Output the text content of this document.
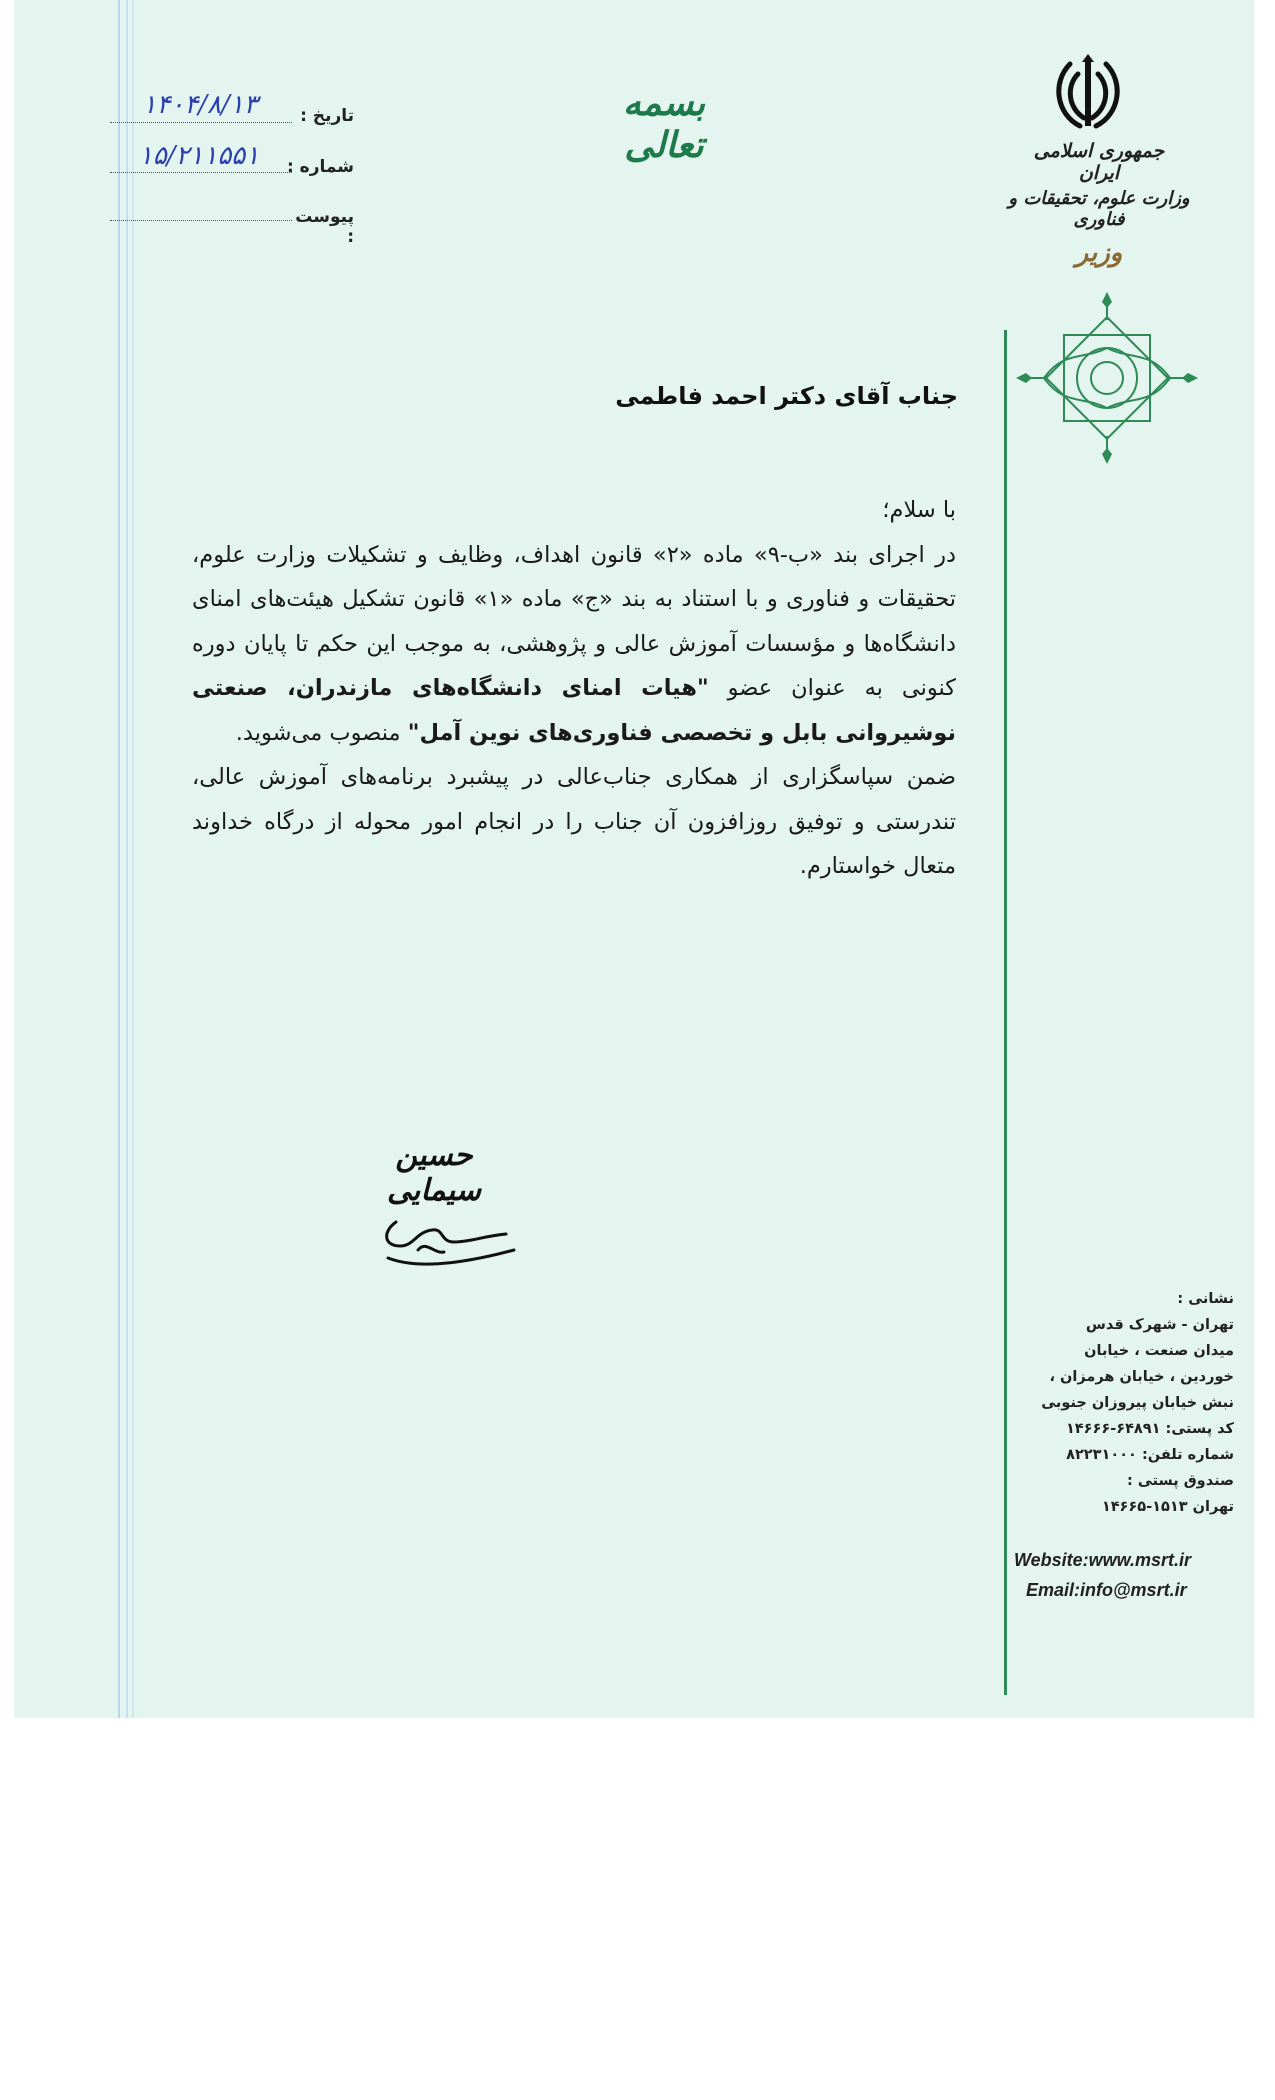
تاریخ :
۱۴۰۴/۸/۱۳
شماره :
۱۵/۲۱۱۵۵۱
پیوست :
بسمه تعالی	جمهوری اسلامی ایران
وزارت علوم، تحقیقات و فناوری
وزیر
جناب آقای دکتر احمد فاطمی

با سلام؛

در اجرای بند «ب-۹» ماده «۲» قانون اهداف، وظایف و تشکیلات وزارت علوم، تحقیقات و فناوری و با استناد به بند «ج» ماده «۱» قانون تشکیل هیئت‌های امنای دانشگاه‌ها و مؤسسات آموزش عالی و پژوهشی، به موجب این حکم تا پایان دوره کنونی به عنوان عضو "هیات امنای دانشگاه‌های مازندران، صنعتی نوشیروانی بابل و تخصصی فناوری‌های نوین آمل" منصوب می‌شوید.

ضمن سپاسگزاری از همکاری جناب‌عالی در پیشبرد برنامه‌های آموزش عالی، تندرستی و توفیق روزافزون آن جناب را در انجام امور محوله از درگاه خداوند متعال خواستارم.

حسین سیمایی
نشانی :
تهران - شهرک قدس
میدان صنعت ، خیابان
خوردین ، خیابان هرمزان ،
نبش خیابان پیروزان جنوبی
کد پستی: ۶۴۸۹۱-۱۴۶۶۶
شماره تلفن: ۸۲۲۳۱۰۰۰
صندوق پستی :
تهران ۱۵۱۳-۱۴۶۶۵
Website:www.msrt.ir
Email:info@msrt.ir
